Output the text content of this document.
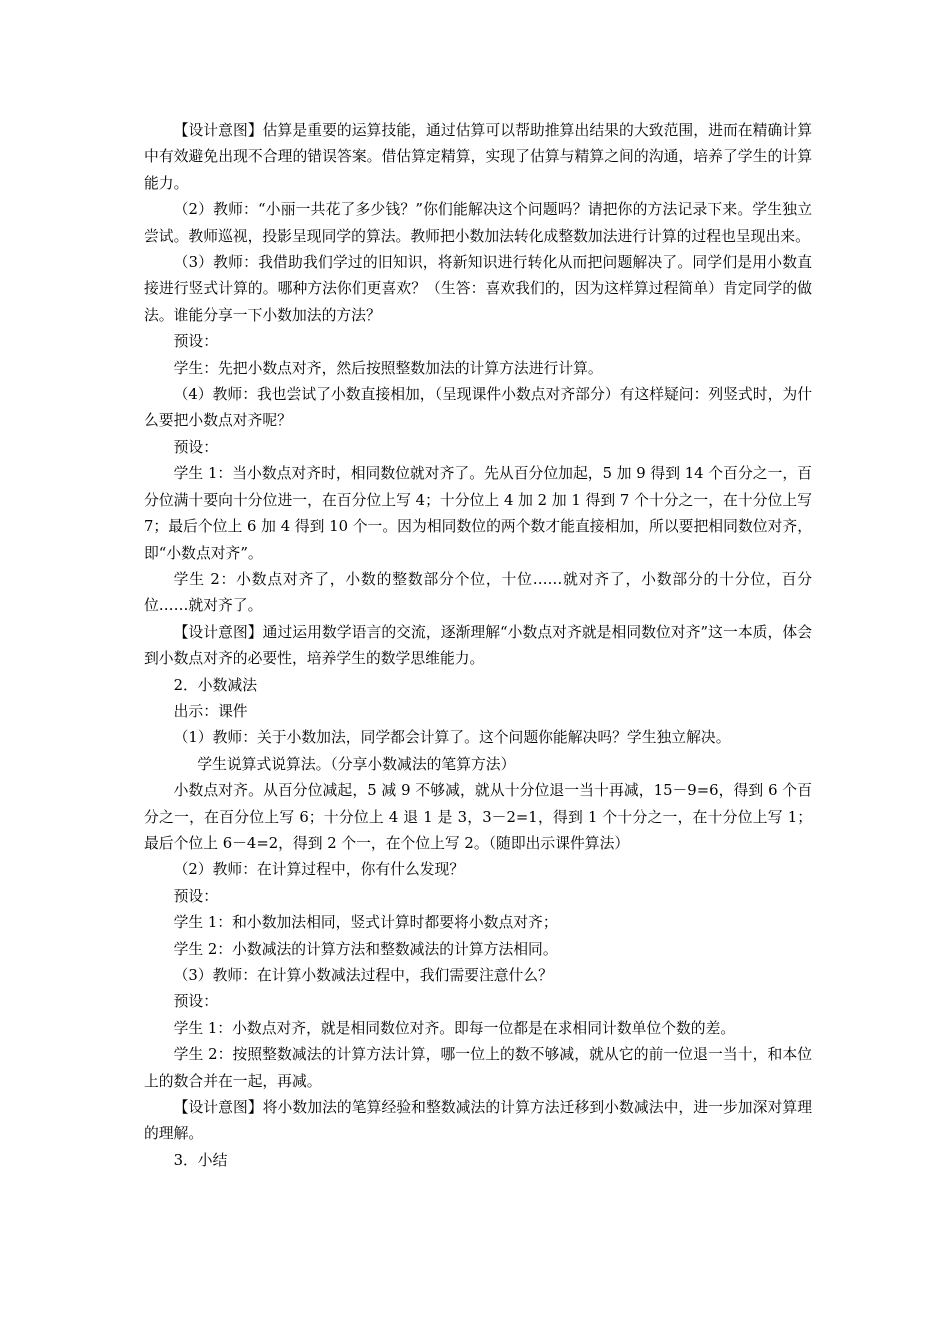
【设计意图】估算是重要的运算技能，通过估算可以帮助推算出结果的大致范围，进而在精确计算中有效避免出现不合理的错误答案。借估算定精算，实现了估算与精算之间的沟通，培养了学生的计算能力。

（2）教师：“小丽一共花了多少钱？”你们能解决这个问题吗？请把你的方法记录下来。学生独立尝试。教师巡视，投影呈现同学的算法。教师把小数加法转化成整数加法进行计算的过程也呈现出来。

（3）教师：我借助我们学过的旧知识，将新知识进行转化从而把问题解决了。同学们是用小数直接进行竖式计算的。哪种方法你们更喜欢？（生答：喜欢我们的，因为这样算过程简单）肯定同学的做法。谁能分享一下小数加法的方法？

预设：

学生：先把小数点对齐，然后按照整数加法的计算方法进行计算。

（4）教师：我也尝试了小数直接相加，（呈现课件小数点对齐部分）有这样疑问：列竖式时，为什么要把小数点对齐呢？

预设：

学生 1：当小数点对齐时，相同数位就对齐了。先从百分位加起，5 加 9 得到 14 个百分之一，百分位满十要向十分位进一，在百分位上写 4；十分位上 4 加 2 加 1 得到 7 个十分之一，在十分位上写 7；最后个位上 6 加 4 得到 10 个一。因为相同数位的两个数才能直接相加，所以要把相同数位对齐，即“小数点对齐”。

学生 2：小数点对齐了，小数的整数部分个位，十位……就对齐了，小数部分的十分位，百分位……就对齐了。

【设计意图】通过运用数学语言的交流，逐渐理解“小数点对齐就是相同数位对齐”这一本质，体会到小数点对齐的必要性，培养学生的数学思维能力。

2．小数减法

出示：课件

（1）教师：关于小数加法，同学都会计算了。这个问题你能解决吗？学生独立解决。

学生说算式说算法。（分享小数减法的笔算方法）

小数点对齐。从百分位减起，5 减 9 不够减，就从十分位退一当十再减，15－9=6，得到 6 个百分之一，在百分位上写 6；十分位上 4 退 1 是 3，3－2=1，得到 1 个十分之一，在十分位上写 1；最后个位上 6－4=2，得到 2 个一，在个位上写 2。（随即出示课件算法）

（2）教师：在计算过程中，你有什么发现？

预设：

学生 1：和小数加法相同，竖式计算时都要将小数点对齐；

学生 2：小数减法的计算方法和整数减法的计算方法相同。

（3）教师：在计算小数减法过程中，我们需要注意什么？

预设：

学生 1：小数点对齐，就是相同数位对齐。即每一位都是在求相同计数单位个数的差。

学生 2：按照整数减法的计算方法计算，哪一位上的数不够减，就从它的前一位退一当十，和本位上的数合并在一起，再减。

【设计意图】将小数加法的笔算经验和整数减法的计算方法迁移到小数减法中，进一步加深对算理的理解。

3．小结
